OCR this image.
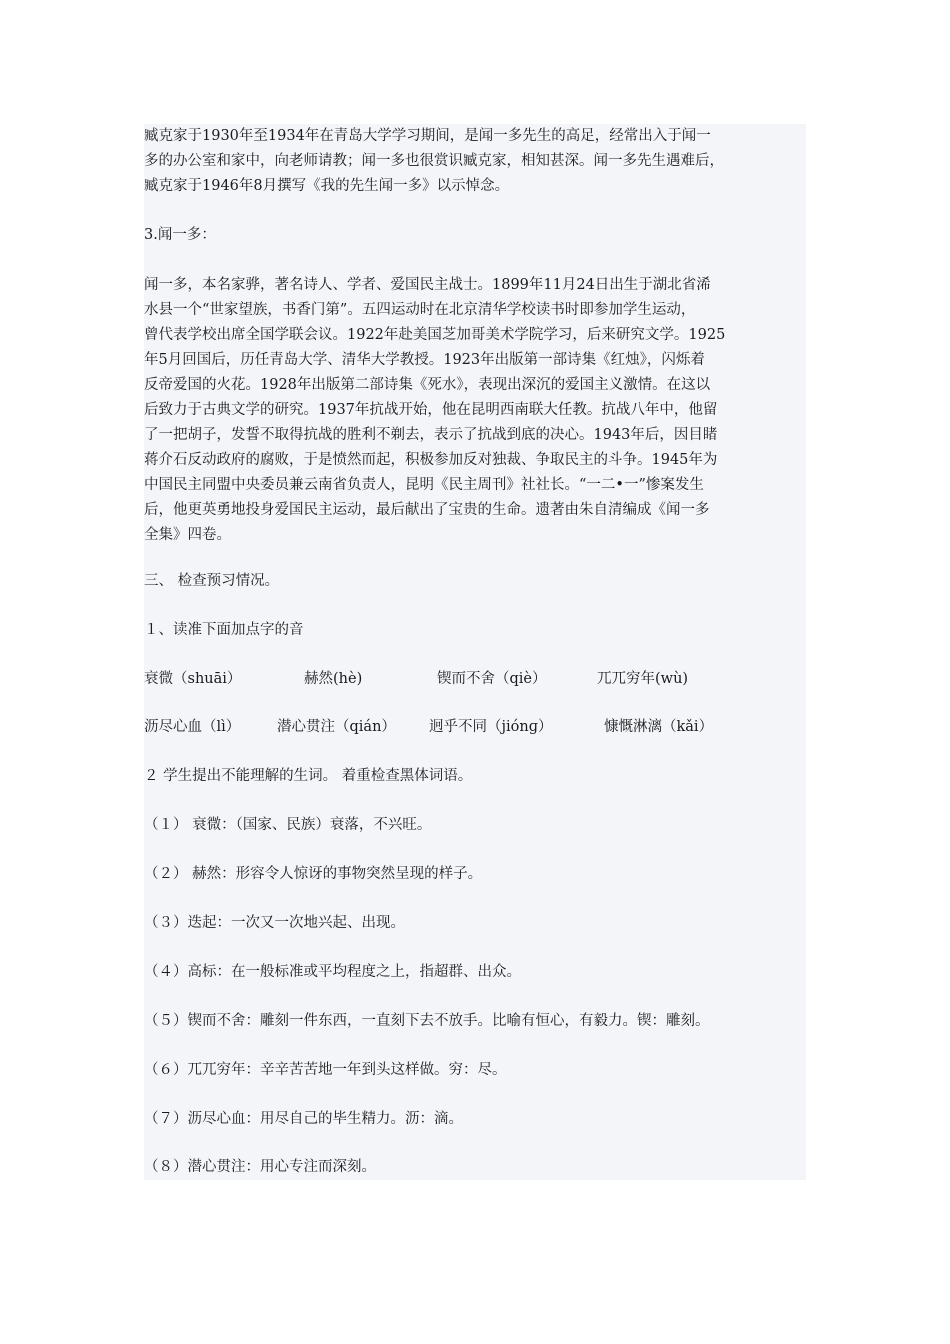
臧克家于1930年至1934年在青岛大学学习期间，是闻一多先生的高足，经常出入于闻一
多的办公室和家中，向老师请教；闻一多也很赏识臧克家，相知甚深。闻一多先生遇难后，
臧克家于1946年8月撰写《我的先生闻一多》以示悼念。
3.闻一多：
闻一多，本名家骅，著名诗人、学者、爱国民主战士。1899年11月24日出生于湖北省浠
水县一个“世家望族，书香门第”。五四运动时在北京清华学校读书时即参加学生运动，
曾代表学校出席全国学联会议。1922年赴美国芝加哥美术学院学习，后来研究文学。1925
年5月回国后，历任青岛大学、清华大学教授。1923年出版第一部诗集《红烛》，闪烁着
反帝爱国的火花。1928年出版第二部诗集《死水》，表现出深沉的爱国主义激情。在这以
后致力于古典文学的研究。1937年抗战开始，他在昆明西南联大任教。抗战八年中，他留
了一把胡子，发誓不取得抗战的胜利不剃去，表示了抗战到底的决心。1943年后，因目睹
蒋介石反动政府的腐败，于是愤然而起，积极参加反对独裁、争取民主的斗争。1945年为
中国民主同盟中央委员兼云南省负责人，昆明《民主周刊》社社长。“一二•一”惨案发生
后，他更英勇地投身爱国民主运动，最后献出了宝贵的生命。遗著由朱自清编成《闻一多
全集》四卷。
三、 检查预习情况。
１、读准下面加点字的音
衰微（shuāi）	赫然(hè)	锲而不舍（qiè）	兀兀穷年(wù)
沥尽心血（lì）	潜心贯注（qián） 迥乎不同（jiónɡ）	慷慨淋漓（kǎi）
２ 学生提出不能理解的生词。 着重检查黑体词语。
（１） 衰微：（国家、民族）衰落，不兴旺。
（２） 赫然：形容令人惊讶的事物突然呈现的样子。
（３）迭起：一次又一次地兴起、出现。
（４）高标：在一般标准或平均程度之上，指超群、出众。
（５）锲而不舍：雕刻一件东西，一直刻下去不放手。比喻有恒心，有毅力。锲：雕刻。
（６）兀兀穷年：辛辛苦苦地一年到头这样做。穷：尽。
（７）沥尽心血：用尽自己的毕生精力。沥：滴。
（８）潜心贯注：用心专注而深刻。
